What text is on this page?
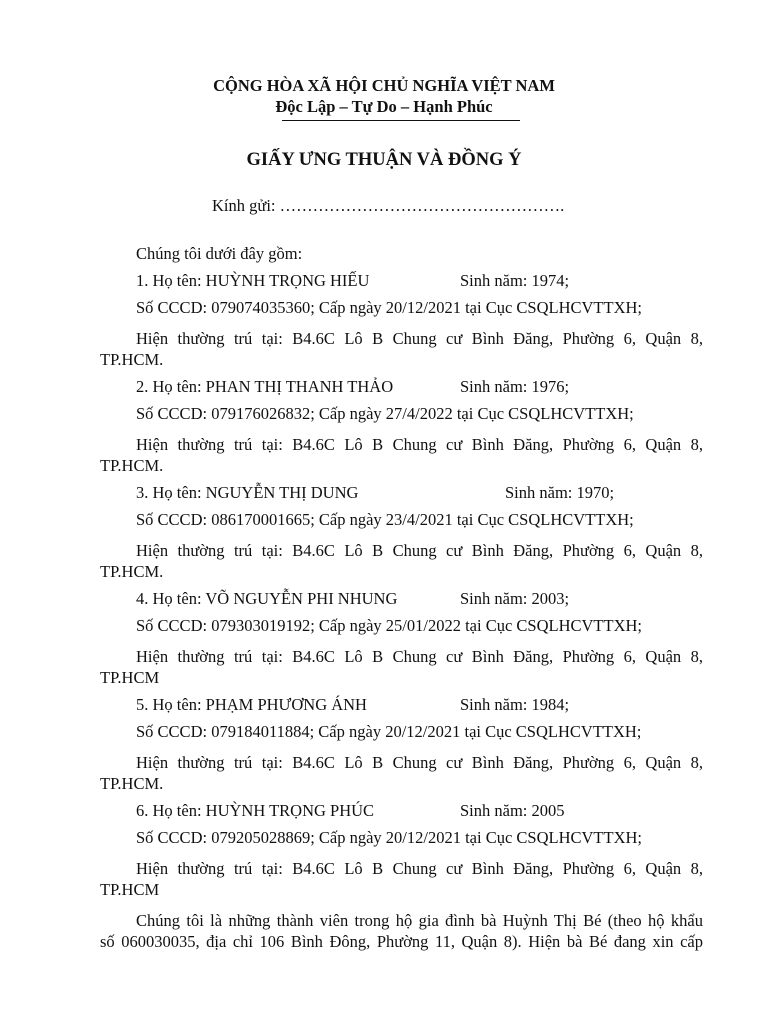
CỘNG HÒA XÃ HỘI CHỦ NGHĨA VIỆT NAM
Độc Lập – Tự Do – Hạnh Phúc
GIẤY ƯNG THUẬN VÀ ĐỒNG Ý
Kính gửi: …………………………………………….
Chúng tôi dưới đây gồm:
1. Họ tên: HUỲNH TRỌNG HIẾU	Sinh năm: 1974;
Số CCCD: 079074035360; Cấp ngày 20/12/2021 tại Cục CSQLHCVTTXH;
Hiện thường trú tại: B4.6C Lô B Chung cư Bình Đăng, Phường 6, Quận 8,
TP.HCM.
2. Họ tên: PHAN THỊ THANH THẢO	Sinh năm: 1976;
Số CCCD: 079176026832; Cấp ngày 27/4/2022 tại Cục CSQLHCVTTXH;
Hiện thường trú tại: B4.6C Lô B Chung cư Bình Đăng, Phường 6, Quận 8,
TP.HCM.
3. Họ tên: NGUYỄN THỊ DUNG	Sinh năm: 1970;
Số CCCD: 086170001665; Cấp ngày 23/4/2021 tại Cục CSQLHCVTTXH;
Hiện thường trú tại: B4.6C Lô B Chung cư Bình Đăng, Phường 6, Quận 8,
TP.HCM.
4. Họ tên: VÕ NGUYỄN PHI NHUNG	Sinh năm: 2003;
Số CCCD: 079303019192; Cấp ngày 25/01/2022 tại Cục CSQLHCVTTXH;
Hiện thường trú tại: B4.6C Lô B Chung cư Bình Đăng, Phường 6, Quận 8,
TP.HCM
5. Họ tên: PHẠM PHƯƠNG ÁNH	Sinh năm: 1984;
Số CCCD: 079184011884; Cấp ngày 20/12/2021 tại Cục CSQLHCVTTXH;
Hiện thường trú tại: B4.6C Lô B Chung cư Bình Đăng, Phường 6, Quận 8,
TP.HCM.
6. Họ tên: HUỲNH TRỌNG PHÚC	Sinh năm: 2005
Số CCCD: 079205028869; Cấp ngày 20/12/2021 tại Cục CSQLHCVTTXH;
Hiện thường trú tại: B4.6C Lô B Chung cư Bình Đăng, Phường 6, Quận 8,
TP.HCM
Chúng tôi là những thành viên trong hộ gia đình bà Huỳnh Thị Bé (theo hộ khẩu
số 060030035, địa chỉ 106 Bình Đông, Phường 11, Quận 8). Hiện bà Bé đang xin cấp
